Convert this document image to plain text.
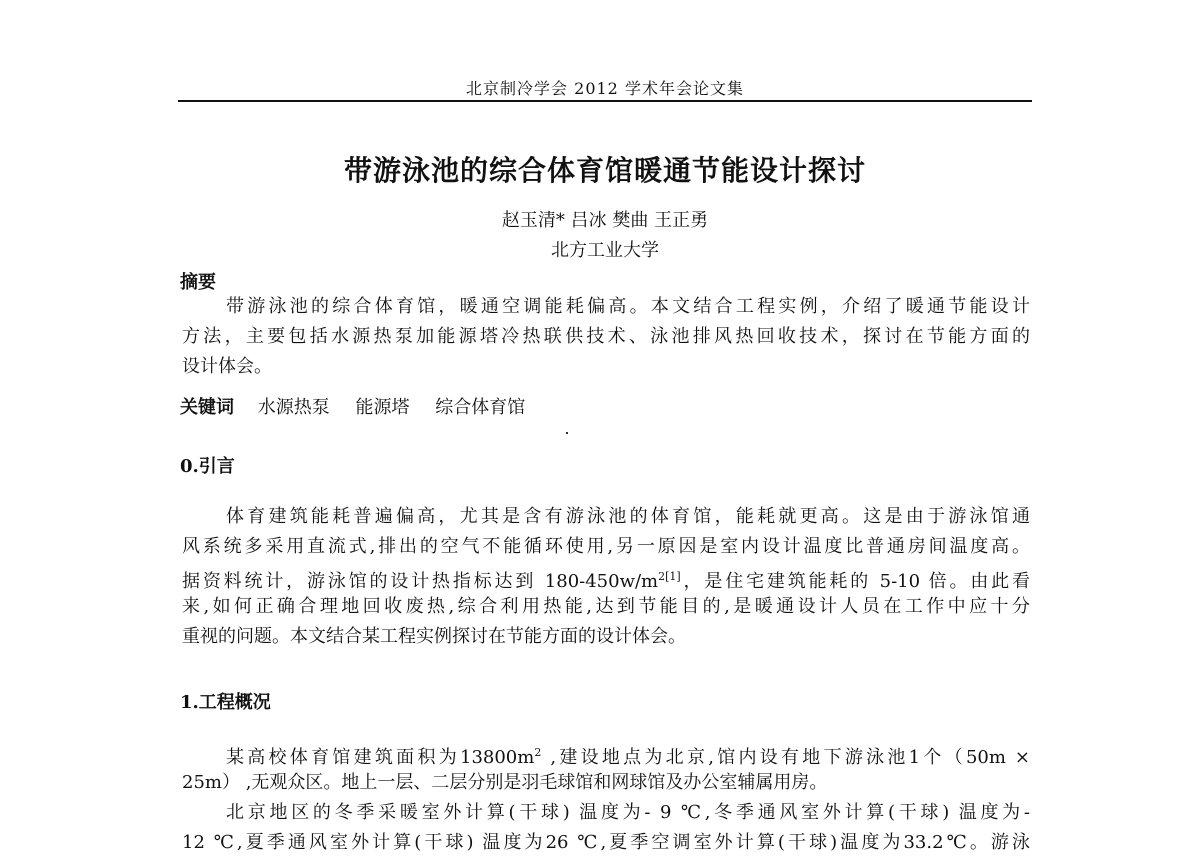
北京制冷学会 2012 学术年会论文集
带游泳池的综合体育馆暖通节能设计探讨
赵玉清* 吕冰 樊曲 王正勇
北方工业大学
摘要
带游泳池的综合体育馆，暖通空调能耗偏高。本文结合工程实例，介绍了暖通节能设计
方法，主要包括水源热泵加能源塔冷热联供技术、泳池排风热回收技术，探讨在节能方面的
设计体会。
关键词 水源热泵 能源塔 综合体育馆
0.引言
体育建筑能耗普遍偏高，尤其是含有游泳池的体育馆，能耗就更高。这是由于游泳馆通
风系统多采用直流式,排出的空气不能循环使用,另一原因是室内设计温度比普通房间温度高。
据资料统计，游泳馆的设计热指标达到 $180-450w/m^{2[1]}$，是住宅建筑能耗的 5-10 倍。由此看
来,如何正确合理地回收废热,综合利用热能,达到节能目的,是暖通设计人员在工作中应十分
重视的问题。本文结合某工程实例探讨在节能方面的设计体会。
1.工程概况
某高校体育馆建筑面积为$13800m^2$ ,建设地点为北京,馆内设有地下游泳池1个（50m ×
25m） ,无观众区。地上一层、二层分别是羽毛球馆和网球馆及办公室辅属用房。
北京地区的冬季采暖室外计算(干球) 温度为- 9 ℃,冬季通风室外计算(干球) 温度为-
12 ℃,夏季通风室外计算(干球) 温度为26 ℃,夏季空调室外计算(干球)温度为33.2℃。游泳
